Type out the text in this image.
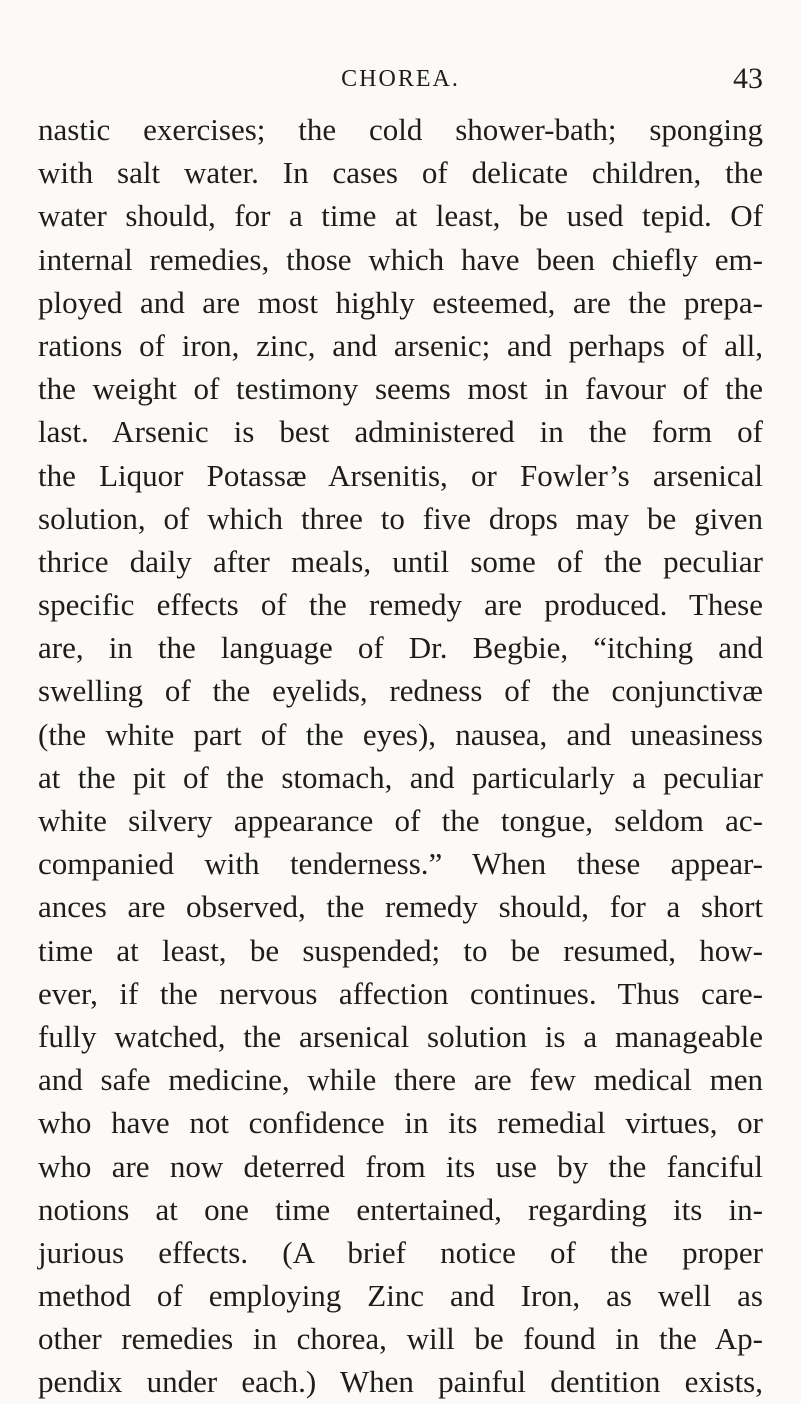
CHOREA.	43
nastic exercises; the cold shower-bath; sponging
with salt water. In cases of delicate children, the
water should, for a time at least, be used tepid. Of
internal remedies, those which have been chiefly em-
ployed and are most highly esteemed, are the prepa-
rations of iron, zinc, and arsenic; and perhaps of all,
the weight of testimony seems most in favour of the
last. Arsenic is best administered in the form of
the Liquor Potassæ Arsenitis, or Fowler’s arsenical
solution, of which three to five drops may be given
thrice daily after meals, until some of the peculiar
specific effects of the remedy are produced. These
are, in the language of Dr. Begbie, “itching and
swelling of the eyelids, redness of the conjunctivæ
(the white part of the eyes), nausea, and uneasiness
at the pit of the stomach, and particularly a peculiar
white silvery appearance of the tongue, seldom ac-
companied with tenderness.” When these appear-
ances are observed, the remedy should, for a short
time at least, be suspended; to be resumed, how-
ever, if the nervous affection continues. Thus care-
fully watched, the arsenical solution is a manageable
and safe medicine, while there are few medical men
who have not confidence in its remedial virtues, or
who are now deterred from its use by the fanciful
notions at one time entertained, regarding its in-
jurious effects. (A brief notice of the proper
method of employing Zinc and Iron, as well as
other remedies in chorea, will be found in the Ap-
pendix under each.) When painful dentition exists,
